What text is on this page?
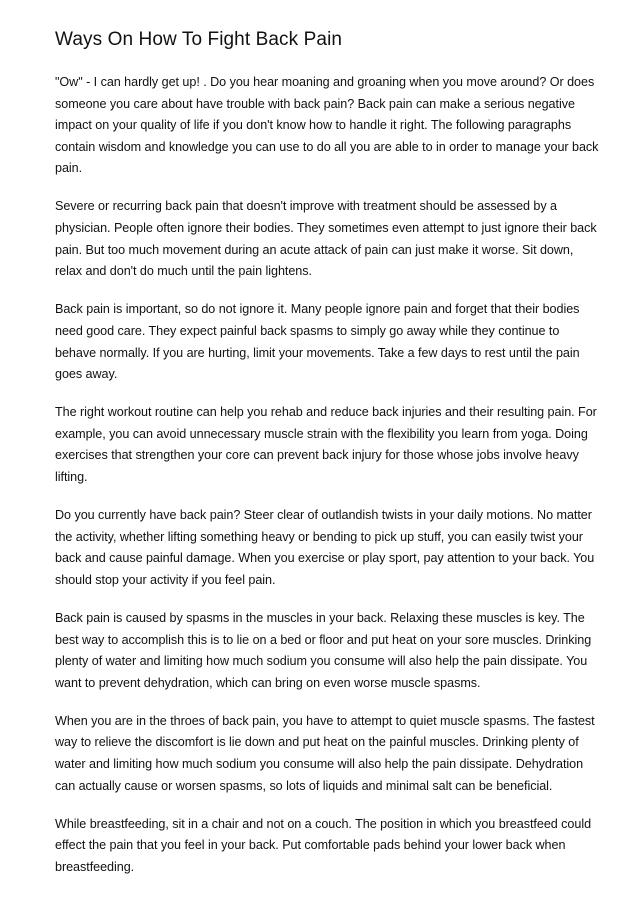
Ways On How To Fight Back Pain

"Ow" - I can hardly get up! . Do you hear moaning and groaning when you move around? Or does someone you care about have trouble with back pain? Back pain can make a serious negative impact on your quality of life if you don't know how to handle it right. The following paragraphs contain wisdom and knowledge you can use to do all you are able to in order to manage your back pain.

Severe or recurring back pain that doesn't improve with treatment should be assessed by a physician. People often ignore their bodies. They sometimes even attempt to just ignore their back pain. But too much movement during an acute attack of pain can just make it worse. Sit down, relax and don't do much until the pain lightens.

Back pain is important, so do not ignore it. Many people ignore pain and forget that their bodies need good care. They expect painful back spasms to simply go away while they continue to behave normally. If you are hurting, limit your movements. Take a few days to rest until the pain goes away.

The right workout routine can help you rehab and reduce back injuries and their resulting pain. For example, you can avoid unnecessary muscle strain with the flexibility you learn from yoga. Doing exercises that strengthen your core can prevent back injury for those whose jobs involve heavy lifting.

Do you currently have back pain? Steer clear of outlandish twists in your daily motions. No matter the activity, whether lifting something heavy or bending to pick up stuff, you can easily twist your back and cause painful damage. When you exercise or play sport, pay attention to your back. You should stop your activity if you feel pain.

Back pain is caused by spasms in the muscles in your back. Relaxing these muscles is key. The best way to accomplish this is to lie on a bed or floor and put heat on your sore muscles. Drinking plenty of water and limiting how much sodium you consume will also help the pain dissipate. You want to prevent dehydration, which can bring on even worse muscle spasms.

When you are in the throes of back pain, you have to attempt to quiet muscle spasms. The fastest way to relieve the discomfort is lie down and put heat on the painful muscles. Drinking plenty of water and limiting how much sodium you consume will also help the pain dissipate. Dehydration can actually cause or worsen spasms, so lots of liquids and minimal salt can be beneficial.

While breastfeeding, sit in a chair and not on a couch. The position in which you breastfeed could effect the pain that you feel in your back. Put comfortable pads behind your lower back when breastfeeding.
